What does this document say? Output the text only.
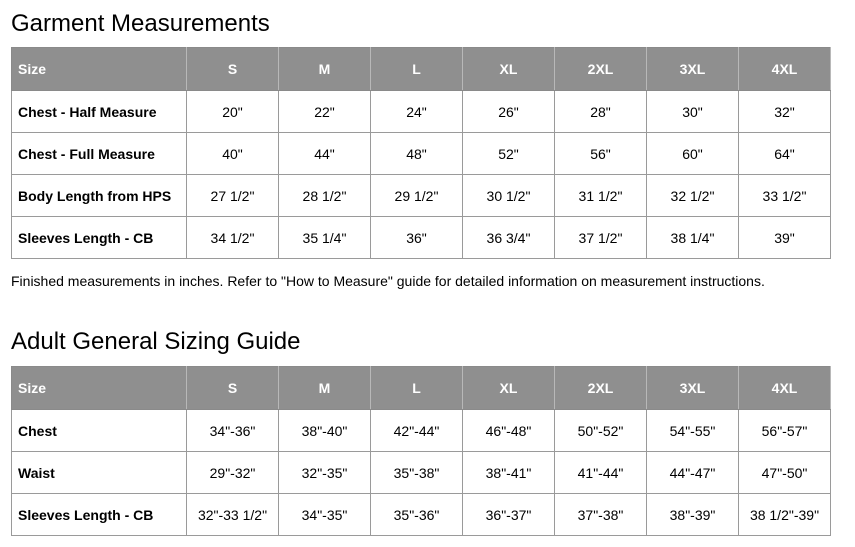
Garment Measurements
Size	S	M	L	XL	2XL	3XL	4XL
Chest - Half Measure	20"	22"	24"	26"	28"	30"	32"
Chest - Full Measure	40"	44"	48"	52"	56"	60"	64"
Body Length from HPS	27 1/2"	28 1/2"	29 1/2"	30 1/2"	31 1/2"	32 1/2"	33 1/2"
Sleeves Length - CB	34 1/2"	35 1/4"	36"	36 3/4"	37 1/2"	38 1/4"	39"

Finished measurements in inches. Refer to "How to Measure" guide for detailed information on measurement instructions.

Adult General Sizing Guide
Size	S	M	L	XL	2XL	3XL	4XL
Chest	34"-36"	38"-40"	42"-44"	46"-48"	50"-52"	54"-55"	56"-57"
Waist	29"-32"	32"-35"	35"-38"	38"-41"	41"-44"	44"-47"	47"-50"
Sleeves Length - CB	32"-33 1/2"	34"-35"	35"-36"	36"-37"	37"-38"	38"-39"	38 1/2"-39"
